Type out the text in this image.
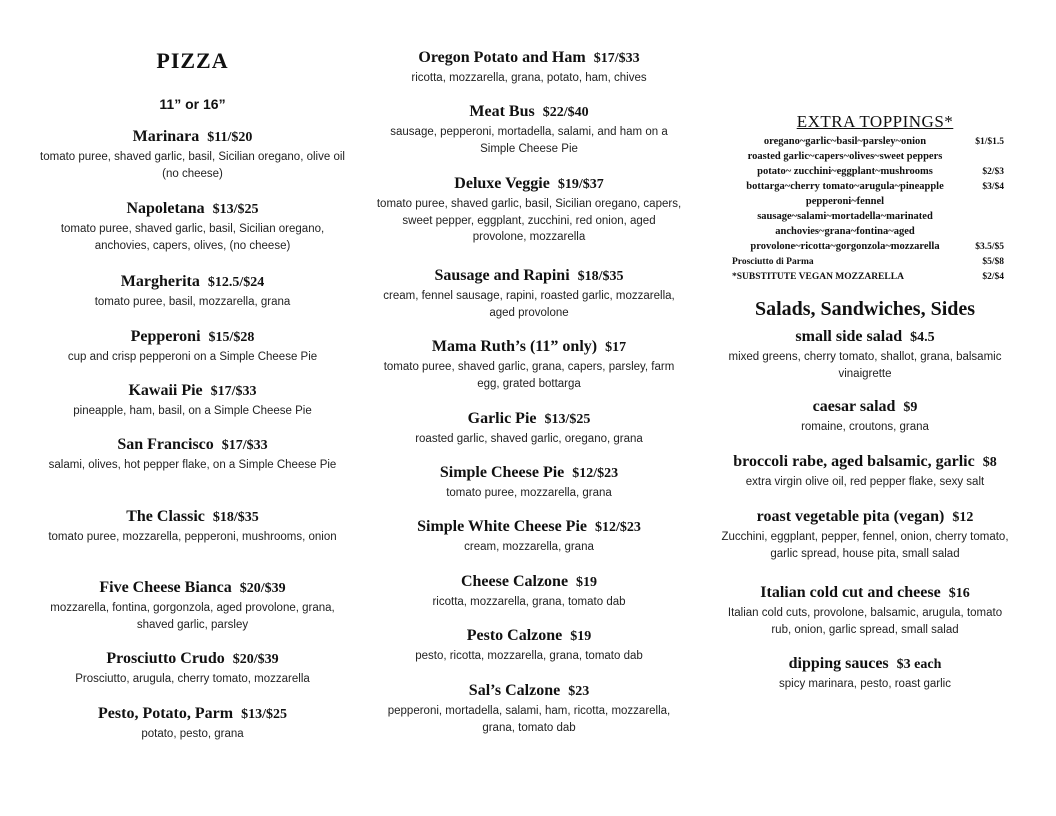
PIZZA
11” or 16”
Marinara $11/$20
tomato puree, shaved garlic, basil, Sicilian oregano, olive oil (no cheese)
Napoletana $13/$25
tomato puree, shaved garlic, basil, Sicilian oregano, anchovies, capers, olives, (no cheese)
Margherita $12.5/$24
tomato puree, basil, mozzarella, grana
Pepperoni $15/$28
cup and crisp pepperoni on a Simple Cheese Pie
Kawaii Pie $17/$33
pineapple, ham, basil, on a Simple Cheese Pie
San Francisco $17/$33
salami, olives, hot pepper flake, on a Simple Cheese Pie
The Classic $18/$35
tomato puree, mozzarella, pepperoni, mushrooms, onion
Five Cheese Bianca $20/$39
mozzarella, fontina, gorgonzola, aged provolone, grana, shaved garlic, parsley
Prosciutto Crudo $20/$39
Prosciutto, arugula, cherry tomato, mozzarella
Pesto, Potato, Parm $13/$25
potato, pesto, grana
Oregon Potato and Ham $17/$33
ricotta, mozzarella, grana, potato, ham, chives
Meat Bus $22/$40
sausage, pepperoni, mortadella, salami, and ham on a Simple Cheese Pie
Deluxe Veggie $19/$37
tomato puree, shaved garlic, basil, Sicilian oregano, capers, sweet pepper, eggplant, zucchini, red onion, aged provolone, mozzarella
Sausage and Rapini $18/$35
cream, fennel sausage, rapini, roasted garlic, mozzarella, aged provolone
Mama Ruth’s (11” only) $17
tomato puree, shaved garlic, grana, capers, parsley, farm egg, grated bottarga
Garlic Pie $13/$25
roasted garlic, shaved garlic, oregano, grana
Simple Cheese Pie $12/$23
tomato puree, mozzarella, grana
Simple White Cheese Pie $12/$23
cream, mozzarella, grana
Cheese Calzone $19
ricotta, mozzarella, grana, tomato dab
Pesto Calzone $19
pesto, ricotta, mozzarella, grana, tomato dab
Sal’s Calzone $23
pepperoni, mortadella, salami, ham, ricotta, mozzarella, grana, tomato dab
EXTRA TOPPINGS*
oregano~garlic~basil~parsley~onion	$1/$1.5
roasted garlic~capers~olives~sweet peppers
potato~ zucchini~eggplant~mushrooms	$2/$3
bottarga~cherry tomato~arugula~pineapple	$3/$4
pepperoni~fennel
sausage~salami~mortadella~marinated
anchovies~grana~fontina~aged
provolone~ricotta~gorgonzola~mozzarella	$3.5/$5
Prosciutto di Parma	$5/$8
*SUBSTITUTE VEGAN MOZZARELLA	$2/$4
Salads, Sandwiches, Sides
small side salad $4.5
mixed greens, cherry tomato, shallot, grana, balsamic vinaigrette
caesar salad $9
romaine, croutons, grana
broccoli rabe, aged balsamic, garlic $8
extra virgin olive oil, red pepper flake, sexy salt
roast vegetable pita (vegan) $12
Zucchini, eggplant, pepper, fennel, onion, cherry tomato, garlic spread, house pita, small salad
Italian cold cut and cheese $16
Italian cold cuts, provolone, balsamic, arugula, tomato rub, onion, garlic spread, small salad
dipping sauces $3 each
spicy marinara, pesto, roast garlic
